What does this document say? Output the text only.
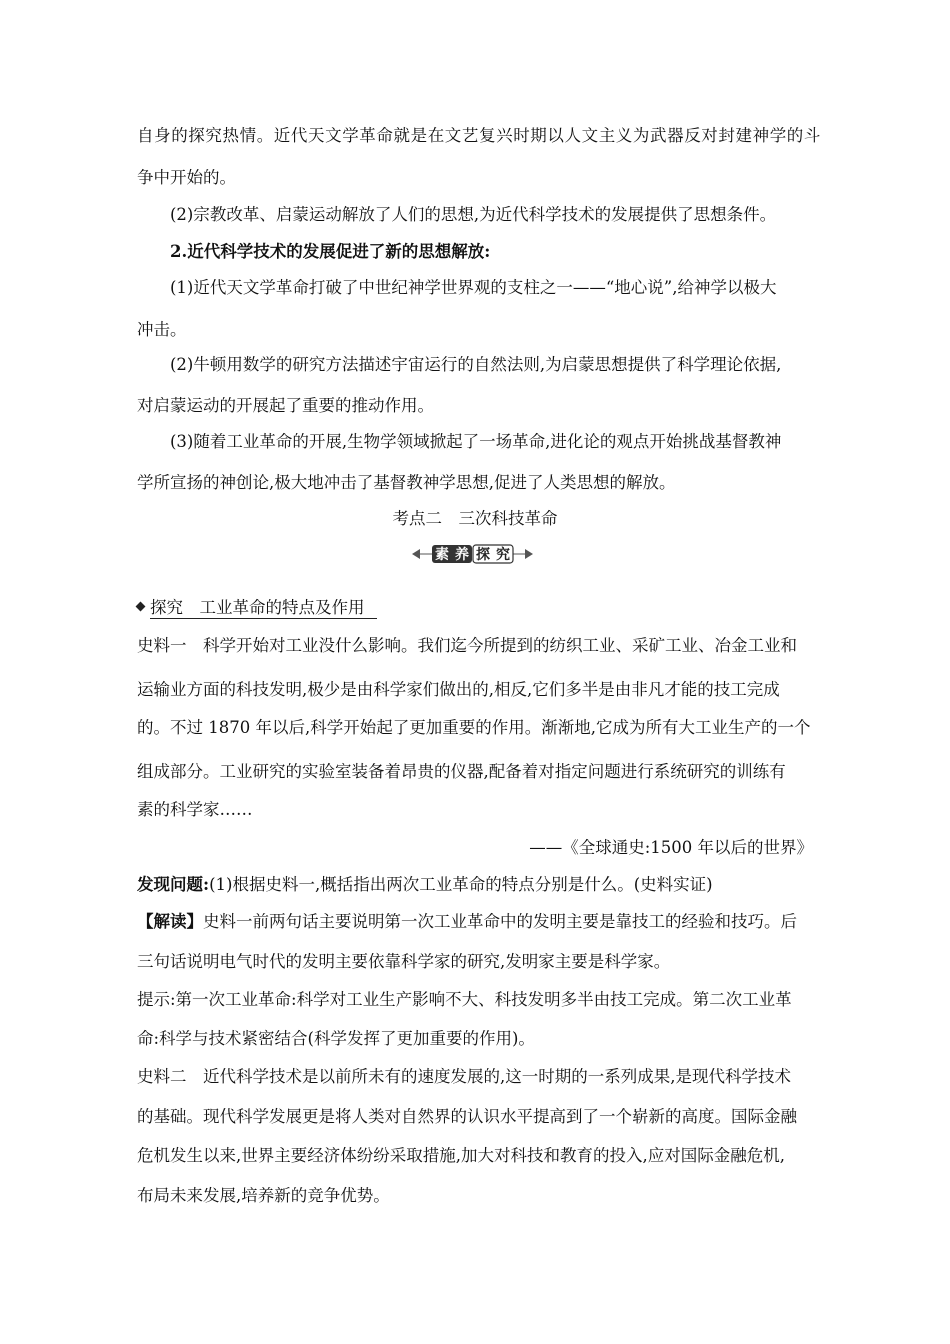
自身的探究热情。近代天文学革命就是在文艺复兴时期以人文主义为武器反对封建神学的斗
争中开始的。
(2)宗教改革、启蒙运动解放了人们的思想,为近代科学技术的发展提供了思想条件。
2.近代科学技术的发展促进了新的思想解放:
(1)近代天文学革命打破了中世纪神学世界观的支柱之一——“地心说”,给神学以极大
冲击。
(2)牛顿用数学的研究方法描述宇宙运行的自然法则,为启蒙思想提供了科学理论依据,
对启蒙运动的开展起了重要的推动作用。
(3)随着工业革命的开展,生物学领域掀起了一场革命,进化论的观点开始挑战基督教神
学所宣扬的神创论,极大地冲击了基督教神学思想,促进了人类思想的解放。
考点二　三次科技革命
素 养 探 究
探究　工业革命的特点及作用
史料一　科学开始对工业没什么影响。我们迄今所提到的纺织工业、采矿工业、冶金工业和
运输业方面的科技发明,极少是由科学家们做出的,相反,它们多半是由非凡才能的技工完成
的。不过 1870 年以后,科学开始起了更加重要的作用。渐渐地,它成为所有大工业生产的一个
组成部分。工业研究的实验室装备着昂贵的仪器,配备着对指定问题进行系统研究的训练有
素的科学家……
——《全球通史:1500 年以后的世界》
发现问题:(1)根据史料一,概括指出两次工业革命的特点分别是什么。(史料实证)
【解读】史料一前两句话主要说明第一次工业革命中的发明主要是靠技工的经验和技巧。后
三句话说明电气时代的发明主要依靠科学家的研究,发明家主要是科学家。
提示:第一次工业革命:科学对工业生产影响不大、科技发明多半由技工完成。第二次工业革
命:科学与技术紧密结合(科学发挥了更加重要的作用)。
史料二　近代科学技术是以前所未有的速度发展的,这一时期的一系列成果,是现代科学技术
的基础。现代科学发展更是将人类对自然界的认识水平提高到了一个崭新的高度。国际金融
危机发生以来,世界主要经济体纷纷采取措施,加大对科技和教育的投入,应对国际金融危机,
布局未来发展,培养新的竞争优势。
